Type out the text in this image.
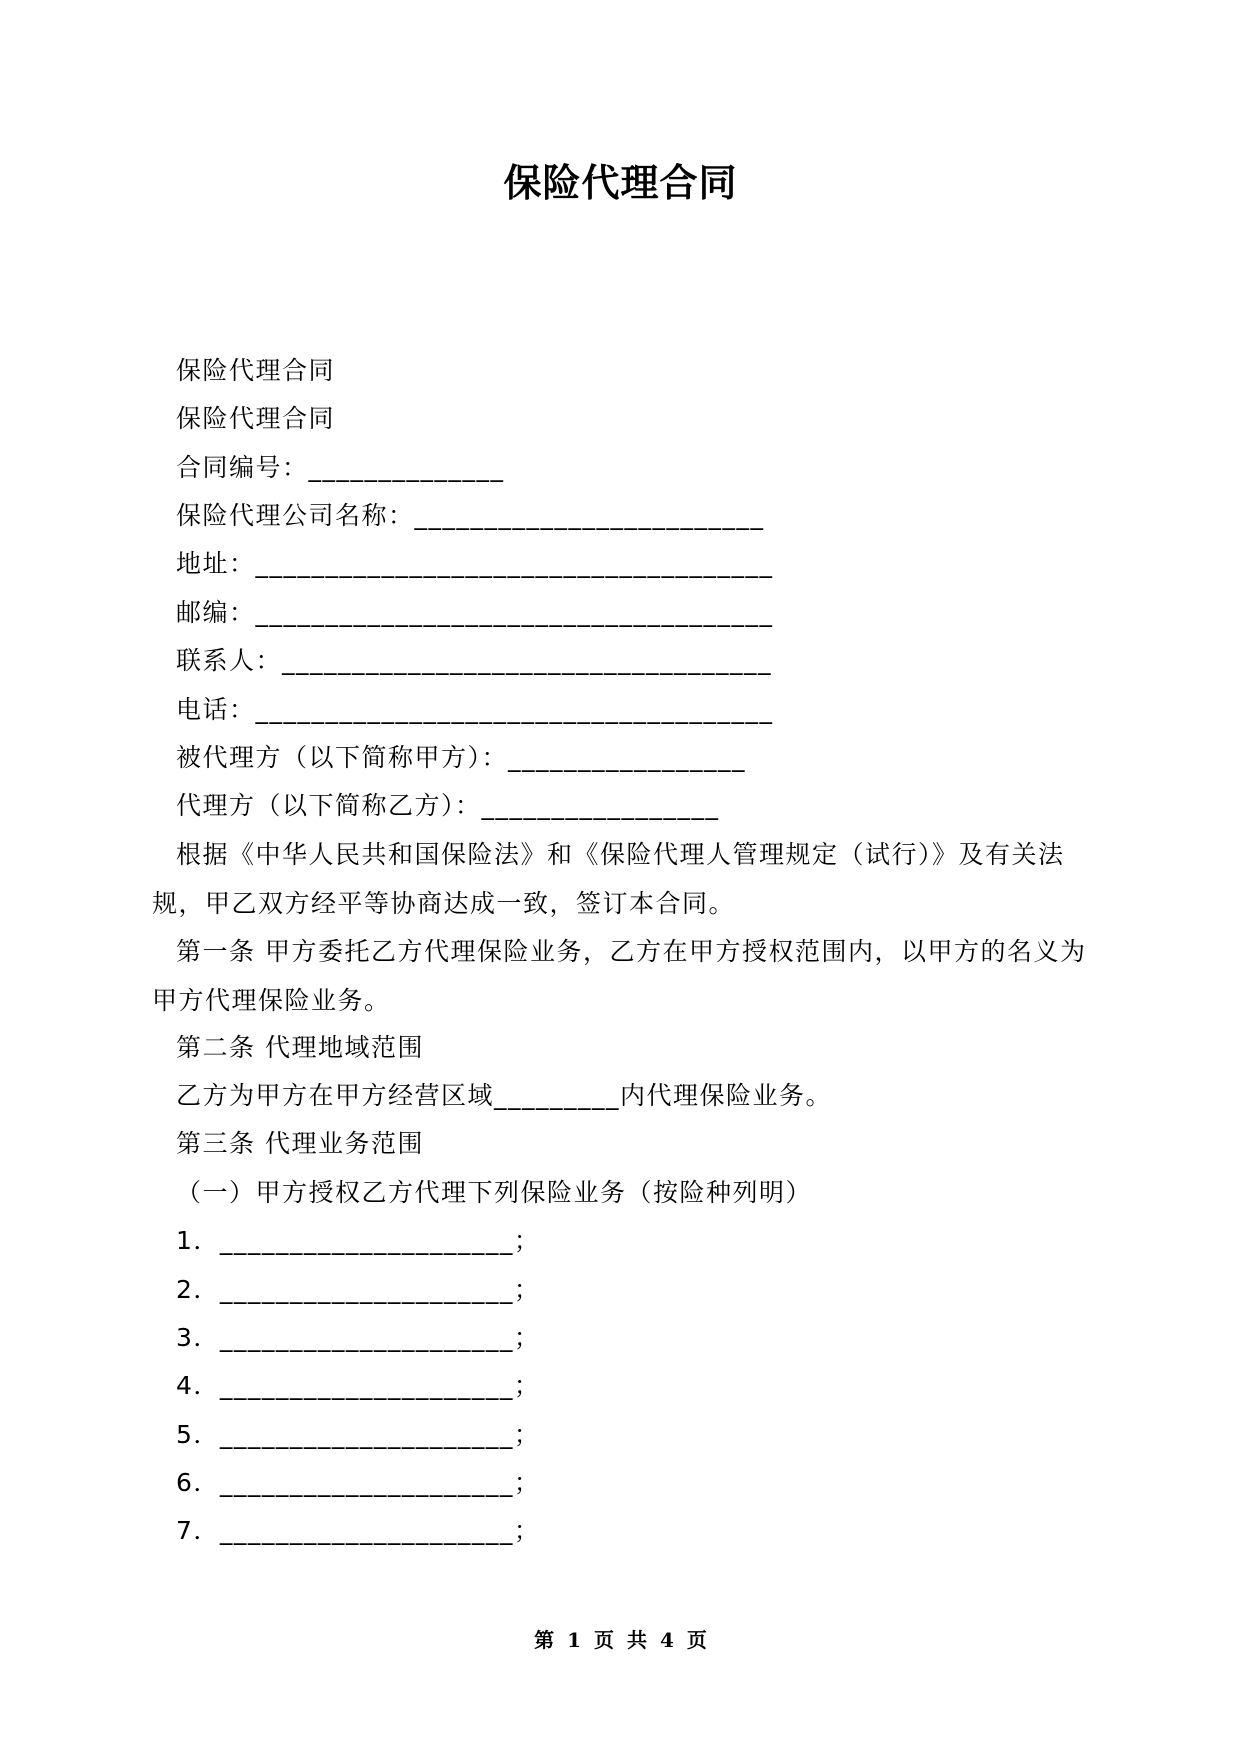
保险代理合同
保险代理合同
保险代理合同
合同编号：______________
保险代理公司名称：_________________________
地址：_____________________________________
邮编：_____________________________________
联系人：___________________________________
电话：_____________________________________
被代理方（以下简称甲方）：_________________
代理方（以下简称乙方）：_________________
根据《中华人民共和国保险法》和《保险代理人管理规定（试行）》及有关法规，甲乙双方经平等协商达成一致，签订本合同。
第一条 甲方委托乙方代理保险业务，乙方在甲方授权范围内，以甲方的名义为甲方代理保险业务。
第二条 代理地域范围
乙方为甲方在甲方经营区域_________内代理保险业务。
第三条 代理业务范围
（一）甲方授权乙方代理下列保险业务（按险种列明）
1．_____________________；
2．_____________________；
3．_____________________；
4．_____________________；
5．_____________________；
6．_____________________；
7．_____________________；
第 1 页 共 4 页
